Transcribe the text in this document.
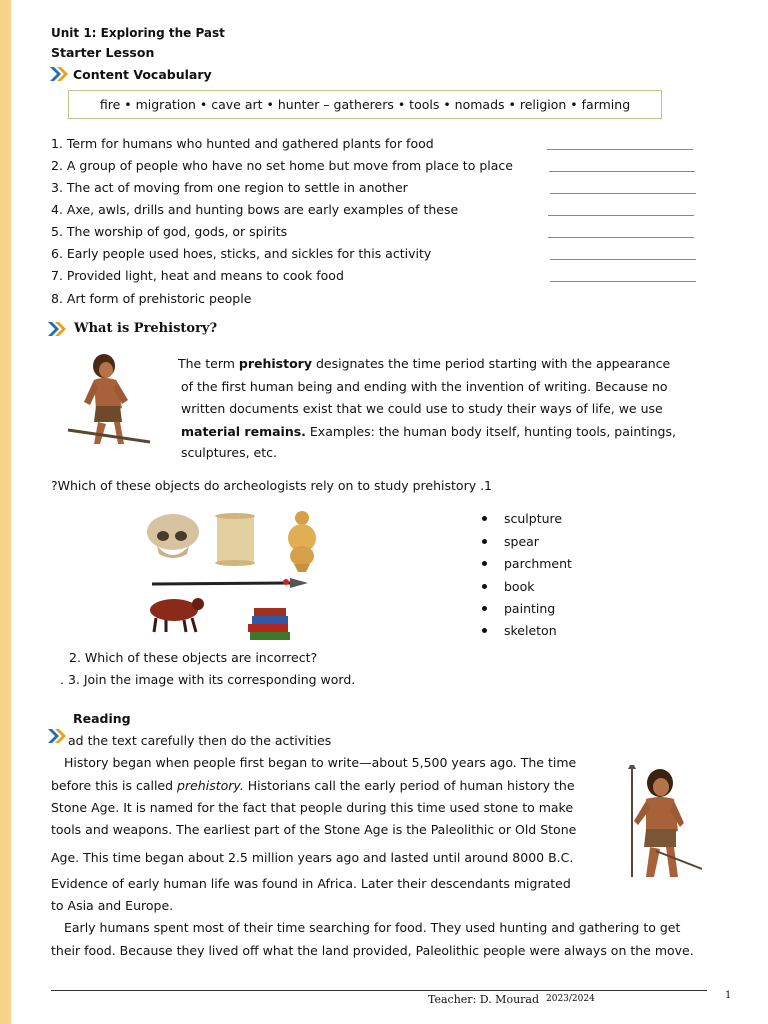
Unit 1: Exploring the Past
Starter Lesson
Content Vocabulary
fire • migration • cave art • hunter – gatherers • tools • nomads • religion • farming
1. Term for humans who hunted and gathered plants for food
2. A group of people who have no set home but move from place to place
3. The act of moving from one region to settle in another
4. Axe, awls, drills and hunting bows are early examples of these
5. The worship of god, gods, or spirits
6. Early people used hoes, sticks, and sickles for this activity
7. Provided light, heat and means to cook food
8. Art form of prehistoric people
What is Prehistory?
The term prehistory designates the time period starting with the appearance
of the first human being and ending with the invention of writing. Because no
written documents exist that we could use to study their ways of life, we use
material remains. Examples: the human body itself, hunting tools, paintings,
sculptures, etc.
?Which of these objects do archeologists rely on to study prehistory .1
sculpture
spear
parchment
book
painting
skeleton
2. Which of these objects are incorrect?
. 3. Join the image with its corresponding word.
Reading
ad the text carefully then do the activities
History began when people first began to write—about 5,500 years ago. The time
before this is called prehistory. Historians call the early period of human history the
Stone Age. It is named for the fact that people during this time used stone to make
tools and weapons. The earliest part of the Stone Age is the Paleolithic or Old Stone
Age. This time began about 2.5 million years ago and lasted until around 8000 B.C.
Evidence of early human life was found in Africa. Later their descendants migrated
to Asia and Europe.
Early humans spent most of their time searching for food. They used hunting and gathering to get
their food. Because they lived off what the land provided, Paleolithic people were always on the move.
Teacher: D. Mourad 2023/2024	1
